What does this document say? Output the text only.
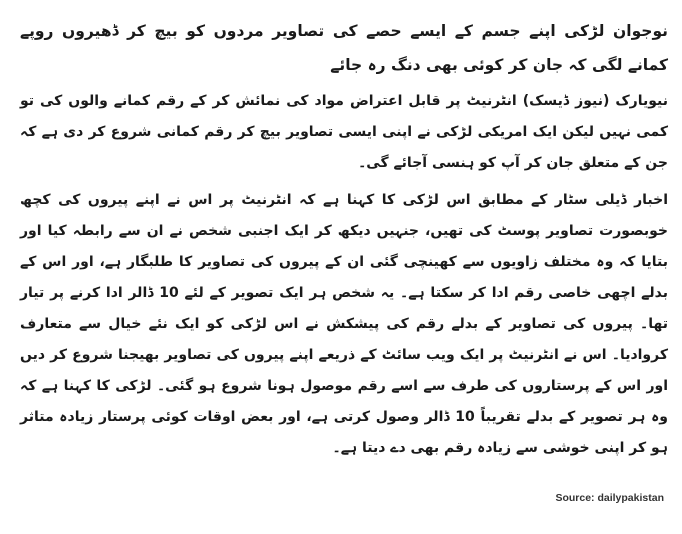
نوجوان لڑکی اپنے جسم کے ایسے حصے کی تصاویر مردوں کو بیچ کر ڈھیروں روپے کمانے لگی کہ جان کر کوئی بھی دنگ رہ جائے
نیویارک (نیوز ڈیسک) انٹرنیٹ پر قابل اعتراض مواد کی نمائش کر کے رقم کمانے والوں کی تو کمی نہیں لیکن ایک امریکی لڑکی نے اپنی ایسی تصاویر بیچ کر رقم کمانی شروع کر دی ہے کہ جن کے متعلق جان کر آپ کو ہنسی آجائے گی۔
اخبار ڈیلی سٹار کے مطابق اس لڑکی کا کہنا ہے کہ انٹرنیٹ پر اس نے اپنے پیروں کی کچھ خوبصورت تصاویر پوسٹ کی تھیں، جنہیں دیکھ کر ایک اجنبی شخص نے ان سے رابطہ کیا اور بتایا کہ وہ مختلف زاویوں سے کھینچی گئی ان کے پیروں کی تصاویر کا طلبگار ہے، اور اس کے بدلے اچھی خاصی رقم ادا کر سکتا ہے۔ یہ شخص ہر ایک تصویر کے لئے 10 ڈالر ادا کرنے پر تیار تھا۔ پیروں کی تصاویر کے بدلے رقم کی پیشکش نے اس لڑکی کو ایک نئے خیال سے متعارف کروادیا۔ اس نے انٹرنیٹ پر ایک ویب سائٹ کے ذریعے اپنے پیروں کی تصاویر بھیجنا شروع کر دیں اور اس کے پرستاروں کی طرف سے اسے رقم موصول ہونا شروع ہو گئی۔ لڑکی کا کہنا ہے کہ وہ ہر تصویر کے بدلے تقریباً 10 ڈالر وصول کرتی ہے، اور بعض اوقات کوئی پرستار زیادہ متاثر ہو کر اپنی خوشی سے زیادہ رقم بھی دے دیتا ہے۔
Source: dailypakistan
